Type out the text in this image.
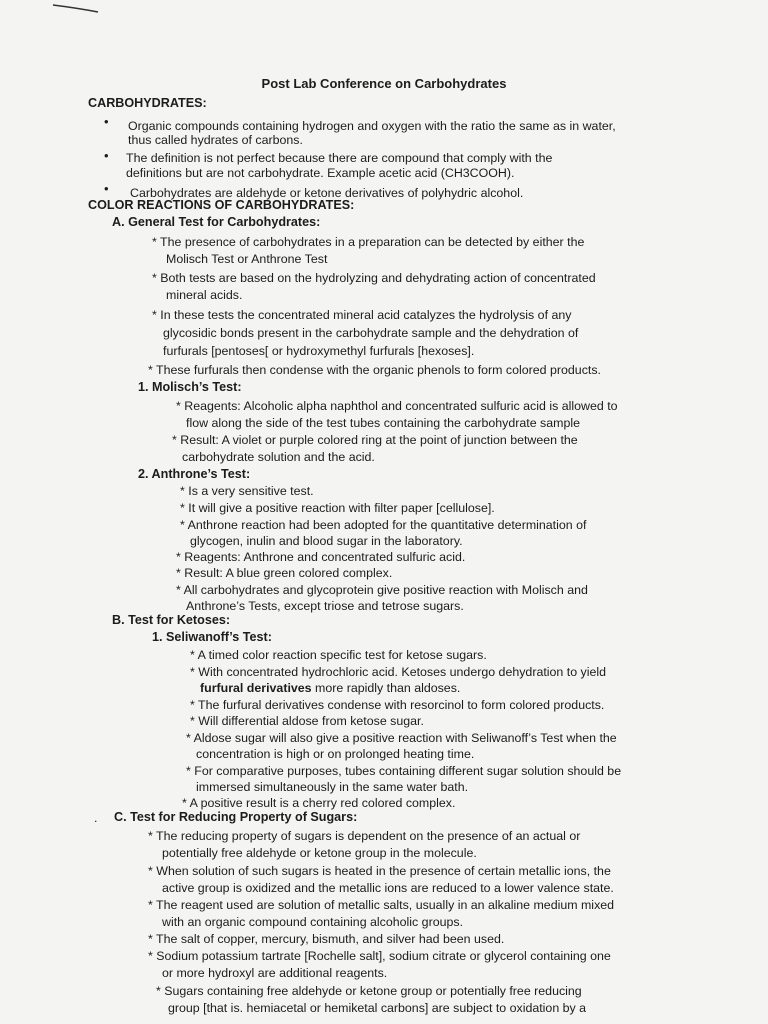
Post Lab Conference on Carbohydrates
CARBOHYDRATES:
• Organic compounds containing hydrogen and oxygen with the ratio the same as in water,
thus called hydrates of carbons.
• The definition is not perfect because there are compound that comply with the
definitions but are not carbohydrate. Example acetic acid (CH3COOH).
• Carbohydrates are aldehyde or ketone derivatives of polyhydric alcohol.
COLOR REACTIONS OF CARBOHYDRATES:
A. General Test for Carbohydrates:
* The presence of carbohydrates in a preparation can be detected by either the
Molisch Test or Anthrone Test
* Both tests are based on the hydrolyzing and dehydrating action of concentrated
mineral acids.
* In these tests the concentrated mineral acid catalyzes the hydrolysis of any
glycosidic bonds present in the carbohydrate sample and the dehydration of
furfurals [pentoses[ or hydroxymethyl furfurals [hexoses].
* These furfurals then condense with the organic phenols to form colored products.
1. Molisch’s Test:
* Reagents: Alcoholic alpha naphthol and concentrated sulfuric acid is allowed to
flow along the side of the test tubes containing the carbohydrate sample
* Result: A violet or purple colored ring at the point of junction between the
carbohydrate solution and the acid.
2. Anthrone’s Test:
* Is a very sensitive test.
* It will give a positive reaction with filter paper [cellulose].
* Anthrone reaction had been adopted for the quantitative determination of
glycogen, inulin and blood sugar in the laboratory.
* Reagents: Anthrone and concentrated sulfuric acid.
* Result: A blue green colored complex.
* All carbohydrates and glycoprotein give positive reaction with Molisch and
Anthrone’s Tests, except triose and tetrose sugars.
B. Test for Ketoses:
1. Seliwanoff’s Test:
* A timed color reaction specific test for ketose sugars.
* With concentrated hydrochloric acid. Ketoses undergo dehydration to yield
furfural derivatives more rapidly than aldoses.
* The furfural derivatives condense with resorcinol to form colored products.
* Will differential aldose from ketose sugar.
* Aldose sugar will also give a positive reaction with Seliwanoff’s Test when the
concentration is high or on prolonged heating time.
* For comparative purposes, tubes containing different sugar solution should be
immersed simultaneously in the same water bath.
* A positive result is a cherry red colored complex.
. C. Test for Reducing Property of Sugars:
* The reducing property of sugars is dependent on the presence of an actual or
potentially free aldehyde or ketone group in the molecule.
* When solution of such sugars is heated in the presence of certain metallic ions, the
active group is oxidized and the metallic ions are reduced to a lower valence state.
* The reagent used are solution of metallic salts, usually in an alkaline medium mixed
with an organic compound containing alcoholic groups.
* The salt of copper, mercury, bismuth, and silver had been used.
* Sodium potassium tartrate [Rochelle salt], sodium citrate or glycerol containing one
or more hydroxyl are additional reagents.
* Sugars containing free aldehyde or ketone group or potentially free reducing
group [that is. hemiacetal or hemiketal carbons] are subject to oxidation by a
